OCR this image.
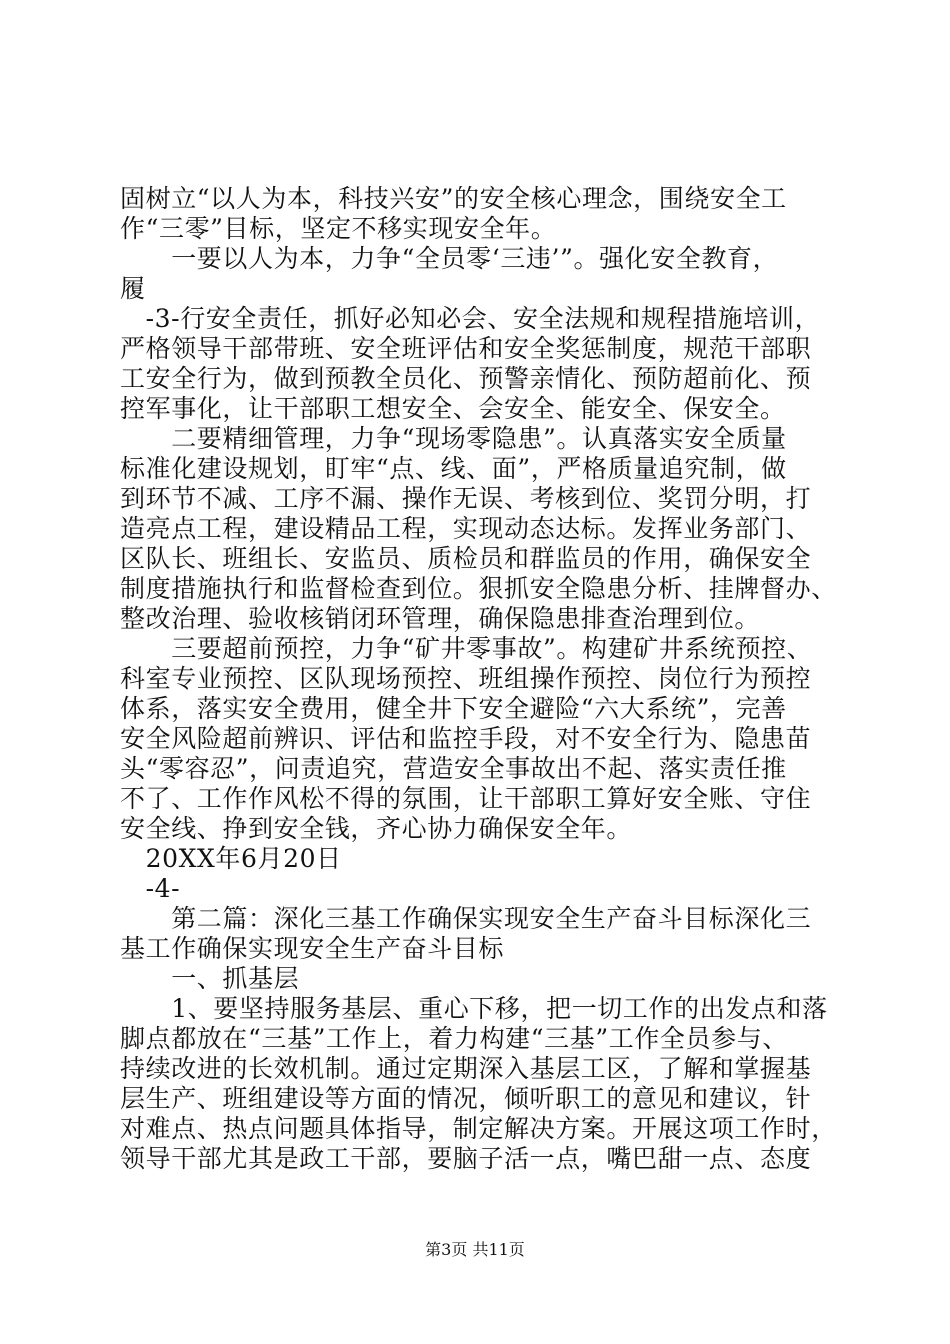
固树立“以人为本，科技兴安”的安全核心理念，围绕安全工
作“三零”目标，坚定不移实现安全年。
　　一要以人为本，力争“全员零‘三违’”。强化安全教育，
履
　-3-行安全责任，抓好必知必会、安全法规和规程措施培训，
严格领导干部带班、安全班评估和安全奖惩制度，规范干部职
工安全行为，做到预教全员化、预警亲情化、预防超前化、预
控军事化，让干部职工想安全、会安全、能安全、保安全。
　　二要精细管理，力争“现场零隐患”。认真落实安全质量
标准化建设规划，盯牢“点、线、面”，严格质量追究制，做
到环节不减、工序不漏、操作无误、考核到位、奖罚分明，打
造亮点工程，建设精品工程，实现动态达标。发挥业务部门、
区队长、班组长、安监员、质检员和群监员的作用，确保安全
制度措施执行和监督检查到位。狠抓安全隐患分析、挂牌督办、
整改治理、验收核销闭环管理，确保隐患排查治理到位。
　　三要超前预控，力争“矿井零事故”。构建矿井系统预控、
科室专业预控、区队现场预控、班组操作预控、岗位行为预控
体系，落实安全费用，健全井下安全避险“六大系统”，完善
安全风险超前辨识、评估和监控手段，对不安全行为、隐患苗
头“零容忍”，问责追究，营造安全事故出不起、落实责任推
不了、工作作风松不得的氛围，让干部职工算好安全账、守住
安全线、挣到安全钱，齐心协力确保安全年。
　20XX年6月20日
　-4-
　　第二篇：深化三基工作确保实现安全生产奋斗目标深化三
基工作确保实现安全生产奋斗目标
　　一、抓基层
　　1、要坚持服务基层、重心下移，把一切工作的出发点和落
脚点都放在“三基”工作上，着力构建“三基”工作全员参与、
持续改进的长效机制。通过定期深入基层工区，了解和掌握基
层生产、班组建设等方面的情况，倾听职工的意见和建议，针
对难点、热点问题具体指导，制定解决方案。开展这项工作时，
领导干部尤其是政工干部，要脑子活一点，嘴巴甜一点、态度
第3页 共11页
